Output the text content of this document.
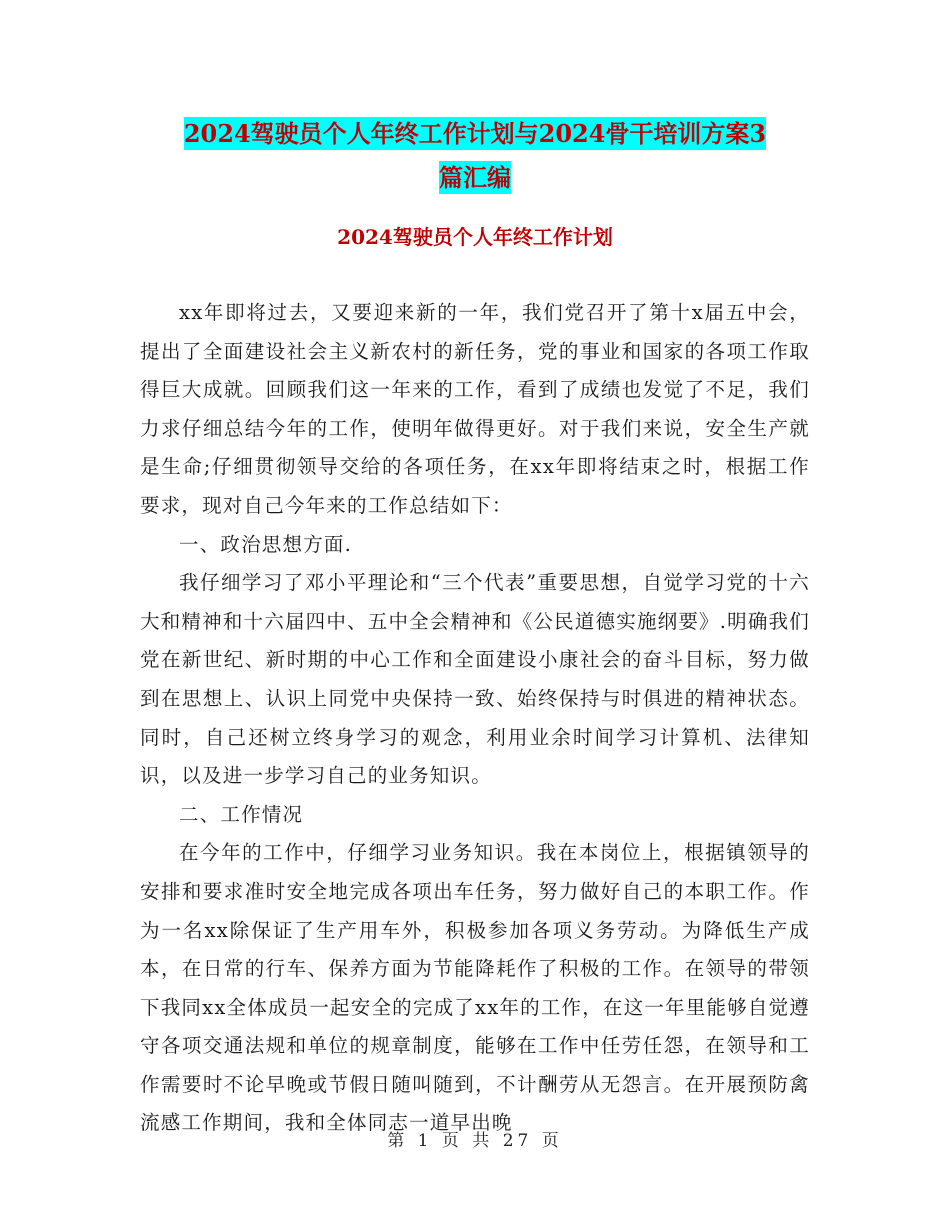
2024驾驶员个人年终工作计划与2024骨干培训方案3
篇汇编
2024驾驶员个人年终工作计划

xx年即将过去，又要迎来新的一年，我们党召开了第十x届五中会，提出了全面建设社会主义新农村的新任务，党的事业和国家的各项工作取得巨大成就。回顾我们这一年来的工作，看到了成绩也发觉了不足，我们力求仔细总结今年的工作，使明年做得更好。对于我们来说，安全生产就是生命;仔细贯彻领导交给的各项任务，在xx年即将结束之时，根据工作要求，现对自己今年来的工作总结如下：

一、政治思想方面.

我仔细学习了邓小平理论和“三个代表”重要思想，自觉学习党的十六大和精神和十六届四中、五中全会精神和《公民道德实施纲要》.明确我们党在新世纪、新时期的中心工作和全面建设小康社会的奋斗目标，努力做到在思想上、认识上同党中央保持一致、始终保持与时俱进的精神状态。同时，自己还树立终身学习的观念，利用业余时间学习计算机、法律知识，以及进一步学习自己的业务知识。

二、工作情况

在今年的工作中，仔细学习业务知识。我在本岗位上，根据镇领导的安排和要求准时安全地完成各项出车任务，努力做好自己的本职工作。作为一名xx除保证了生产用车外，积极参加各项义务劳动。为降低生产成本，在日常的行车、保养方面为节能降耗作了积极的工作。在领导的带领下我同xx全体成员一起安全的完成了xx年的工作，在这一年里能够自觉遵守各项交通法规和单位的规章制度，能够在工作中任劳任怨，在领导和工作需要时不论早晚或节假日随叫随到，不计酬劳从无怨言。在开展预防禽流感工作期间，我和全体同志一道早出晚

第 1 页 共 27 页
